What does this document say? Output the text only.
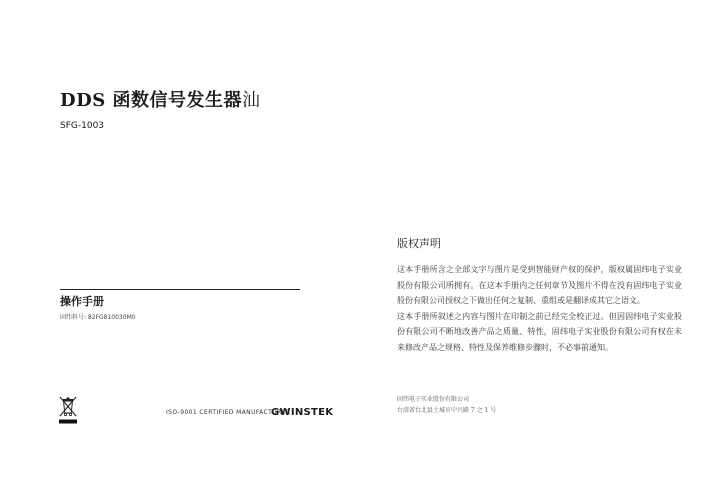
DDS 函数信号发生器汕
SFG-1003
操作手册
固纬料号: 82FG810030M0
ISO-9001 CERTIFIED MANUFACTURER
GWINSTEK
版权声明

这本手册所含之全部文字与图片是受到智能财产权的保护，版权属固纬电子实业股份有限公司所拥有。在这本手册内之任何章节及图片不得在没有固纬电子实业股份有限公司授权之下做出任何之复制、重组或是翻译成其它之语文。

这本手册所叙述之内容与图片在印制之前已经完全校正过。但因固纬电子实业股份有限公司不断地改善产品之质量、特性，固纬电子实业股份有限公司有权在未来修改产品之规格、特性及保养维修步骤时，不必事前通知。

固纬电子实业股份有限公司
台湾省台北县土城市中兴路 7 之 1 号
